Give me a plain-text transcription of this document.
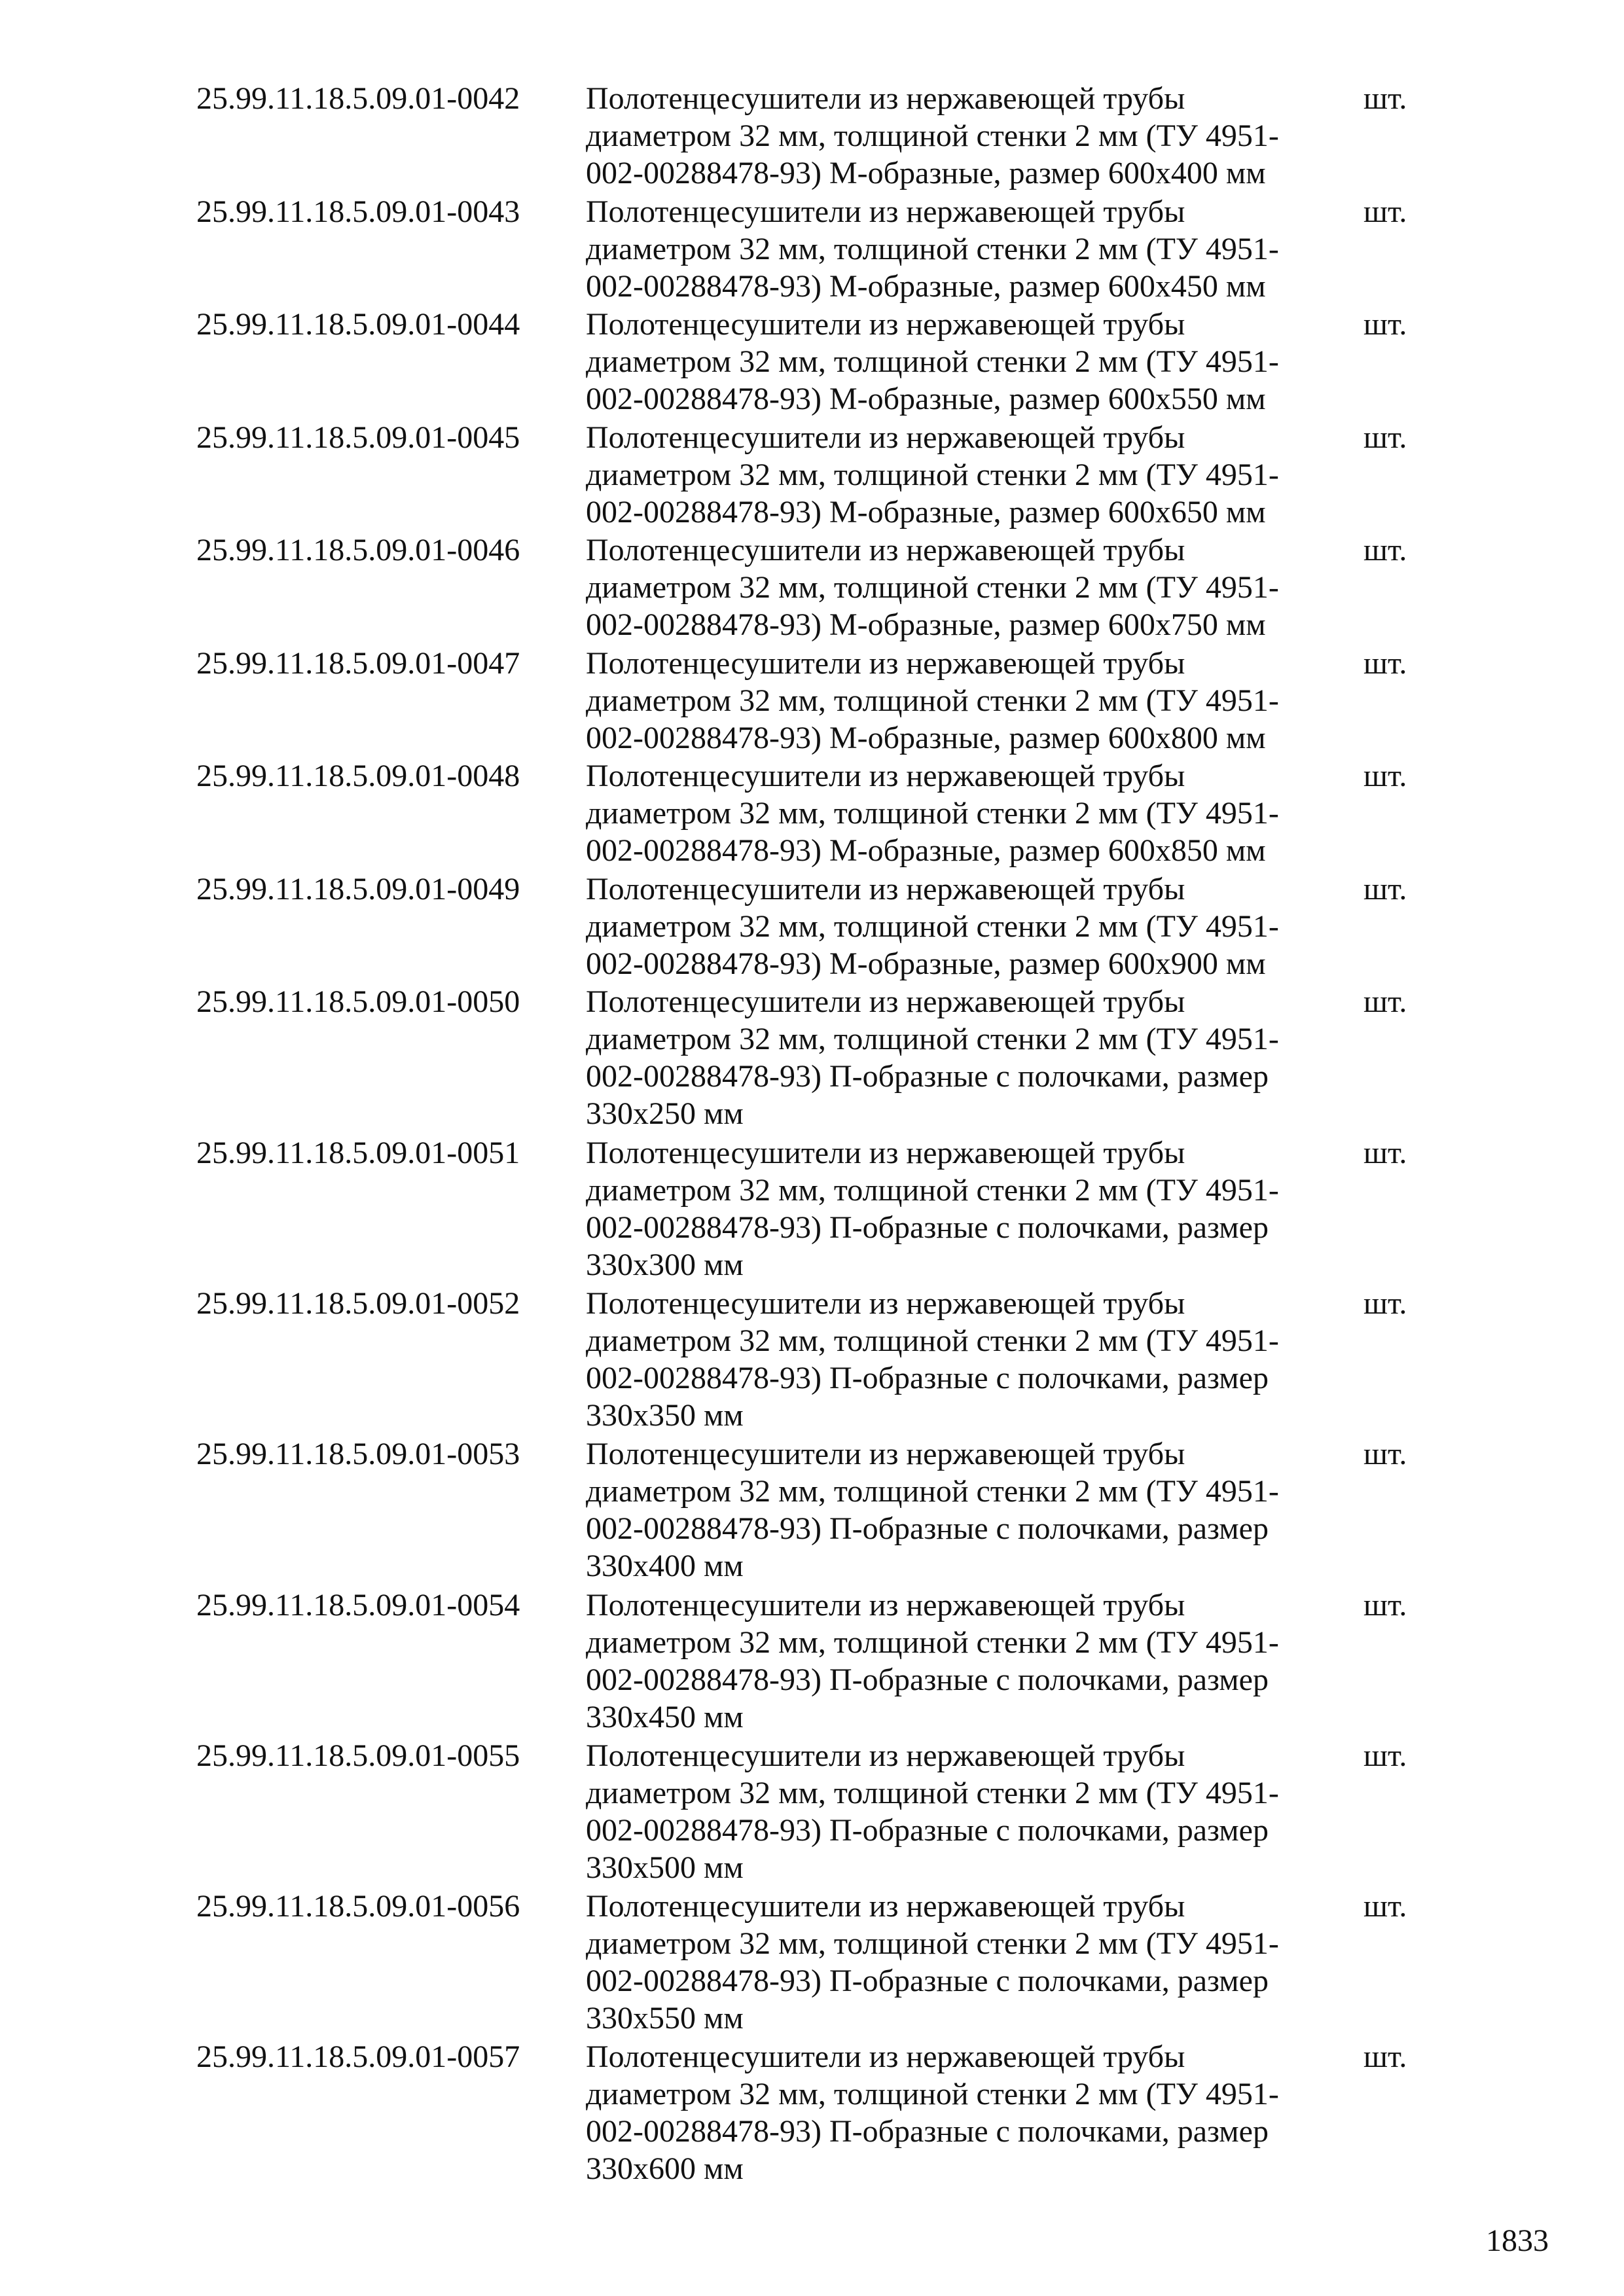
25.99.11.18.5.09.01-0042 Полотенцесушители из нержавеющей трубы
диаметром 32 мм, толщиной стенки 2 мм (ТУ 4951-
002-00288478-93) М-образные, размер 600х400 мм
шт.
25.99.11.18.5.09.01-0043 Полотенцесушители из нержавеющей трубы
диаметром 32 мм, толщиной стенки 2 мм (ТУ 4951-
002-00288478-93) М-образные, размер 600х450 мм
шт.
25.99.11.18.5.09.01-0044 Полотенцесушители из нержавеющей трубы
диаметром 32 мм, толщиной стенки 2 мм (ТУ 4951-
002-00288478-93) М-образные, размер 600х550 мм
шт.
25.99.11.18.5.09.01-0045 Полотенцесушители из нержавеющей трубы
диаметром 32 мм, толщиной стенки 2 мм (ТУ 4951-
002-00288478-93) М-образные, размер 600х650 мм
шт.
25.99.11.18.5.09.01-0046 Полотенцесушители из нержавеющей трубы
диаметром 32 мм, толщиной стенки 2 мм (ТУ 4951-
002-00288478-93) М-образные, размер 600х750 мм
шт.
25.99.11.18.5.09.01-0047 Полотенцесушители из нержавеющей трубы
диаметром 32 мм, толщиной стенки 2 мм (ТУ 4951-
002-00288478-93) М-образные, размер 600х800 мм
шт.
25.99.11.18.5.09.01-0048 Полотенцесушители из нержавеющей трубы
диаметром 32 мм, толщиной стенки 2 мм (ТУ 4951-
002-00288478-93) М-образные, размер 600х850 мм
шт.
25.99.11.18.5.09.01-0049 Полотенцесушители из нержавеющей трубы
диаметром 32 мм, толщиной стенки 2 мм (ТУ 4951-
002-00288478-93) М-образные, размер 600х900 мм
шт.
25.99.11.18.5.09.01-0050 Полотенцесушители из нержавеющей трубы
диаметром 32 мм, толщиной стенки 2 мм (ТУ 4951-
002-00288478-93) П-образные с полочками, размер
330х250 мм
шт.
25.99.11.18.5.09.01-0051 Полотенцесушители из нержавеющей трубы
диаметром 32 мм, толщиной стенки 2 мм (ТУ 4951-
002-00288478-93) П-образные с полочками, размер
330х300 мм
шт.
25.99.11.18.5.09.01-0052 Полотенцесушители из нержавеющей трубы
диаметром 32 мм, толщиной стенки 2 мм (ТУ 4951-
002-00288478-93) П-образные с полочками, размер
330х350 мм
шт.
25.99.11.18.5.09.01-0053 Полотенцесушители из нержавеющей трубы
диаметром 32 мм, толщиной стенки 2 мм (ТУ 4951-
002-00288478-93) П-образные с полочками, размер
330х400 мм
шт.
25.99.11.18.5.09.01-0054 Полотенцесушители из нержавеющей трубы
диаметром 32 мм, толщиной стенки 2 мм (ТУ 4951-
002-00288478-93) П-образные с полочками, размер
330х450 мм
шт.
25.99.11.18.5.09.01-0055 Полотенцесушители из нержавеющей трубы
диаметром 32 мм, толщиной стенки 2 мм (ТУ 4951-
002-00288478-93) П-образные с полочками, размер
330х500 мм
шт.
25.99.11.18.5.09.01-0056 Полотенцесушители из нержавеющей трубы
диаметром 32 мм, толщиной стенки 2 мм (ТУ 4951-
002-00288478-93) П-образные с полочками, размер
330х550 мм
шт.
25.99.11.18.5.09.01-0057 Полотенцесушители из нержавеющей трубы
диаметром 32 мм, толщиной стенки 2 мм (ТУ 4951-
002-00288478-93) П-образные с полочками, размер
330х600 мм
шт.
1833
